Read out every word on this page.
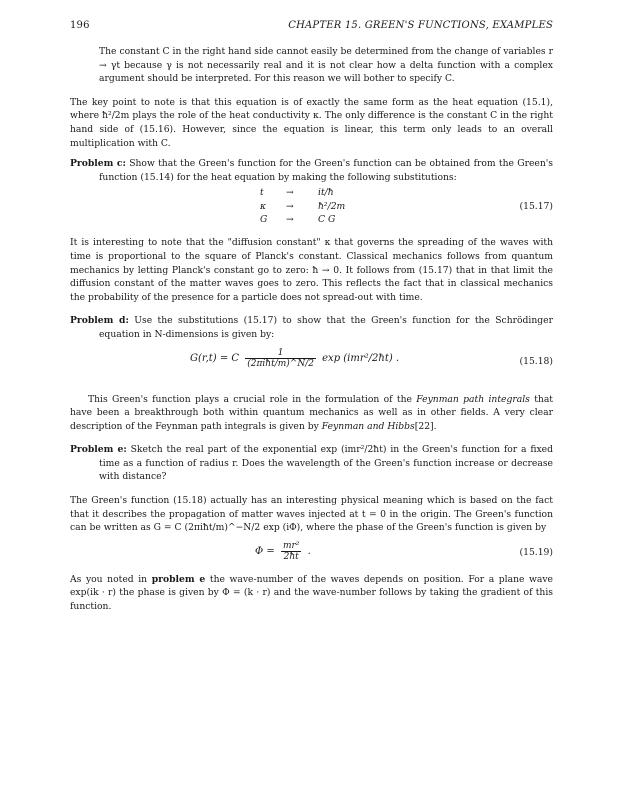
196	CHAPTER 15. GREEN'S FUNCTIONS, EXAMPLES

The constant C in the right hand side cannot easily be determined from the change of variables r → γt because γ is not necessarily real and it is not clear how a delta function with a complex argument should be interpreted. For this reason we will bother to specify C.

The key point to note is that this equation is of exactly the same form as the heat equation (15.1), where ħ²/2m plays the role of the heat conductivity κ. The only difference is the constant C in the right hand side of (15.16). However, since the equation is linear, this term only leads to an overall multiplication with C.

Problem c: Show that the Green's function for the Green's function can be obtained from the Green's function (15.14) for the heat equation by making the following substitutions:

t →	it/ħ
κ →	ħ²/2m
G →	C G
(15.17)

It is interesting to note that the "diffusion constant" κ that governs the spreading of the waves with time is proportional to the square of Planck's constant. Classical mechanics follows from quantum mechanics by letting Planck's constant go to zero: ħ → 0. It follows from (15.17) that in that limit the diffusion constant of the matter waves goes to zero. This reflects the fact that in classical mechanics the probability of the presence for a particle does not spread-out with time.

Problem d: Use the substitutions (15.17) to show that the Green's function for the Schrödinger equation in N-dimensions is given by:

G(r,t) = C $\frac{1}{\text{(2πiħt/m)\textasciicircum{}N/2}}$ exp (imr²/2ħt) .	(15.18)

This Green's function plays a crucial role in the formulation of the Feynman path integrals that have been a breakthrough both within quantum mechanics as well as in other fields. A very clear description of the Feynman path integrals is given by Feynman and Hibbs[22].

Problem e: Sketch the real part of the exponential exp (imr²/2ħt) in the Green's function for a fixed time as a function of radius r. Does the wavelength of the Green's function increase or decrease with distance?

The Green's function (15.18) actually has an interesting physical meaning which is based on the fact that it describes the propagation of matter waves injected at t = 0 in the origin. The Green's function can be written as G = C (2πiħt/m)^−N/2 exp (iΦ), where the phase of the Green's function is given by

$\Phi = \frac{\text{mr²}}{2ħt}$ .	(15.19)

As you noted in problem e the wave-number of the waves depends on position. For a plane wave exp(ik · r) the phase is given by Φ = (k · r) and the wave-number follows by taking the gradient of this function.
